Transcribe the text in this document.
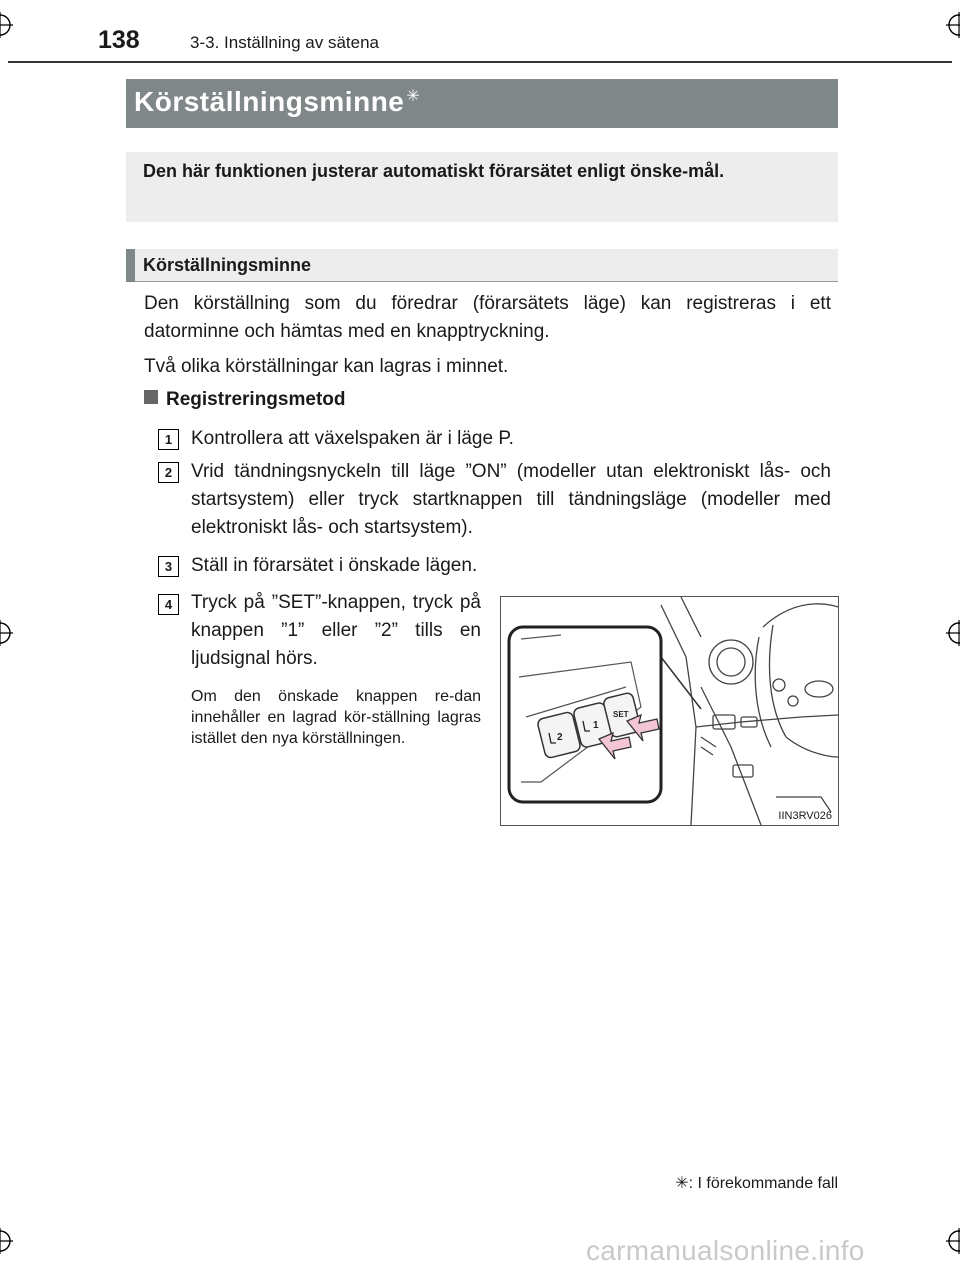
138	3-3. Inställning av sätena
Körställningsminne ✳
Den här funktionen justerar automatiskt förarsätet enligt önske-mål.
Körställningsminne
Den körställning som du föredrar (förarsätets läge) kan registreras i ett datorminne och hämtas med en knapptryckning.
Två olika körställningar kan lagras i minnet.
Registreringsmetod
1 Kontrollera att växelspaken är i läge P.
2 Vrid tändningsnyckeln till läge ”ON” (modeller utan elektroniskt lås- och startsystem) eller tryck startknappen till tändningsläge (modeller med elektroniskt lås- och startsystem).
3 Ställ in förarsätet i önskade lägen.
4 Tryck på ”SET”-knappen, tryck på knappen ”1” eller ”2” tills en ljudsignal hörs.
Om den önskade knappen re-dan innehåller en lagrad kör-ställning lagras istället den nya körställningen.	2
1
SET
IIN3RV026
✳: I förekommande fall
carmanualsonline.info
